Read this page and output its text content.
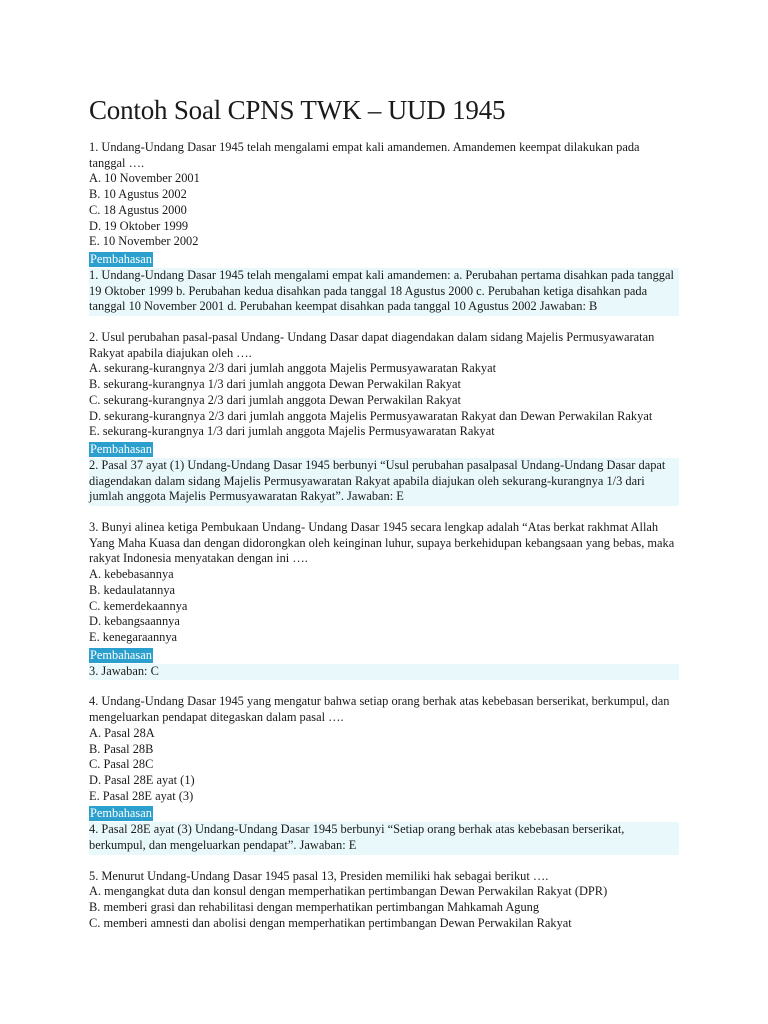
Contoh Soal CPNS TWK – UUD 1945

1. Undang-Undang Dasar 1945 telah mengalami empat kali amandemen. Amandemen keempat dilakukan pada tanggal ….

A. 10 November 2001

B. 10 Agustus 2002

C. 18 Agustus 2000

D. 19 Oktober 1999

E. 10 November 2002

Pembahasan
1. Undang-Undang Dasar 1945 telah mengalami empat kali amandemen: a. Perubahan pertama disahkan pada tanggal 19 Oktober 1999 b. Perubahan kedua disahkan pada tanggal 18 Agustus 2000 c. Perubahan ketiga disahkan pada tanggal 10 November 2001 d. Perubahan keempat disahkan pada tanggal 10 Agustus 2002 Jawaban: B

2. Usul perubahan pasal-pasal Undang- Undang Dasar dapat diagendakan dalam sidang Majelis Permusyawaratan Rakyat apabila diajukan oleh ….

A. sekurang-kurangnya 2/3 dari jumlah anggota Majelis Permusyawaratan Rakyat

B. sekurang-kurangnya 1/3 dari jumlah anggota Dewan Perwakilan Rakyat

C. sekurang-kurangnya 2/3 dari jumlah anggota Dewan Perwakilan Rakyat

D. sekurang-kurangnya 2/3 dari jumlah anggota Majelis Permusyawaratan Rakyat dan Dewan Perwakilan Rakyat

E. sekurang-kurangnya 1/3 dari jumlah anggota Majelis Permusyawaratan Rakyat

Pembahasan
2. Pasal 37 ayat (1) Undang-Undang Dasar 1945 berbunyi “Usul perubahan pasalpasal Undang-Undang Dasar dapat diagendakan dalam sidang Majelis Permusyawaratan Rakyat apabila diajukan oleh sekurang-kurangnya 1/3 dari jumlah anggota Majelis Permusyawaratan Rakyat”. Jawaban: E

3. Bunyi alinea ketiga Pembukaan Undang- Undang Dasar 1945 secara lengkap adalah “Atas berkat rakhmat Allah Yang Maha Kuasa dan dengan didorongkan oleh keinginan luhur, supaya berkehidupan kebangsaan yang bebas, maka rakyat Indonesia menyatakan dengan ini ….

A. kebebasannya

B. kedaulatannya

C. kemerdekaannya

D. kebangsaannya

E. kenegaraannya

Pembahasan
3. Jawaban: C

4. Undang-Undang Dasar 1945 yang mengatur bahwa setiap orang berhak atas kebebasan berserikat, berkumpul, dan mengeluarkan pendapat ditegaskan dalam pasal ….

A. Pasal 28A

B. Pasal 28B

C. Pasal 28C

D. Pasal 28E ayat (1)

E. Pasal 28E ayat (3)

Pembahasan
4. Pasal 28E ayat (3) Undang-Undang Dasar 1945 berbunyi “Setiap orang berhak atas kebebasan berserikat, berkumpul, dan mengeluarkan pendapat”. Jawaban: E

5. Menurut Undang-Undang Dasar 1945 pasal 13, Presiden memiliki hak sebagai berikut ….

A. mengangkat duta dan konsul dengan memperhatikan pertimbangan Dewan Perwakilan Rakyat (DPR)

B. memberi grasi dan rehabilitasi dengan memperhatikan pertimbangan Mahkamah Agung

C. memberi amnesti dan abolisi dengan memperhatikan pertimbangan Dewan Perwakilan Rakyat
